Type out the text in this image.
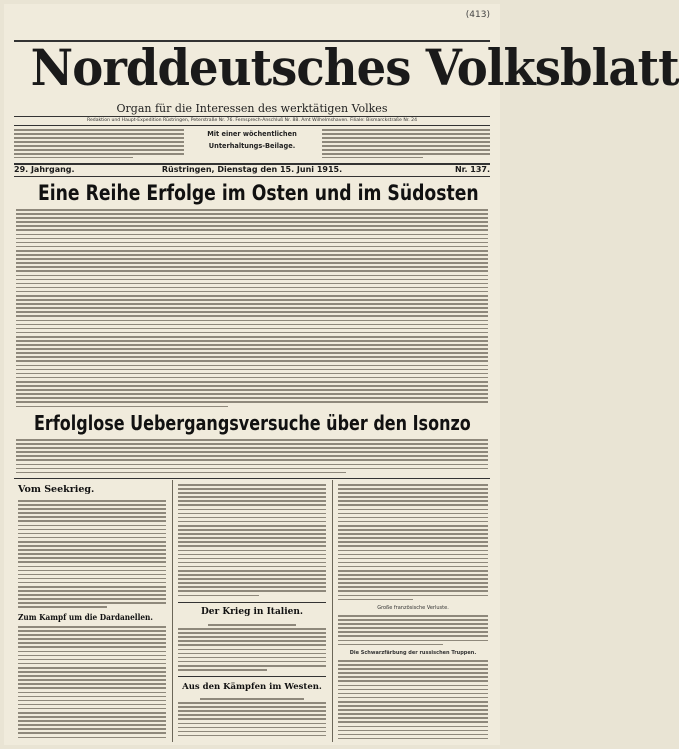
(413)
Norddeutsches Volksblatt
Organ für die Interessen des werktätigen Volkes
Redaktion und Haupt-Expedition Rüstringen, Peterstraße Nr. 76. Fernsprech-Anschluß Nr. 88. Amt Wilhelmshaven. Filiale: Bismarckstraße Nr. 24
Mit einer wöchentlichen
Unterhaltungs-Beilage.
29. Jahrgang.	Rüstringen, Dienstag den 15. Juni 1915.	Nr. 137.
Eine Reihe Erfolge im Osten und im Südosten
Erfolglose Uebergangsversuche über den Isonzo
Vom Seekrieg.
Zum Kampf um die Dardanellen.	Der Krieg in Italien.
Aus den Kämpfen im Westen.
Große französische Verluste.
Die Schwarzfärbung der russischen Truppen.
